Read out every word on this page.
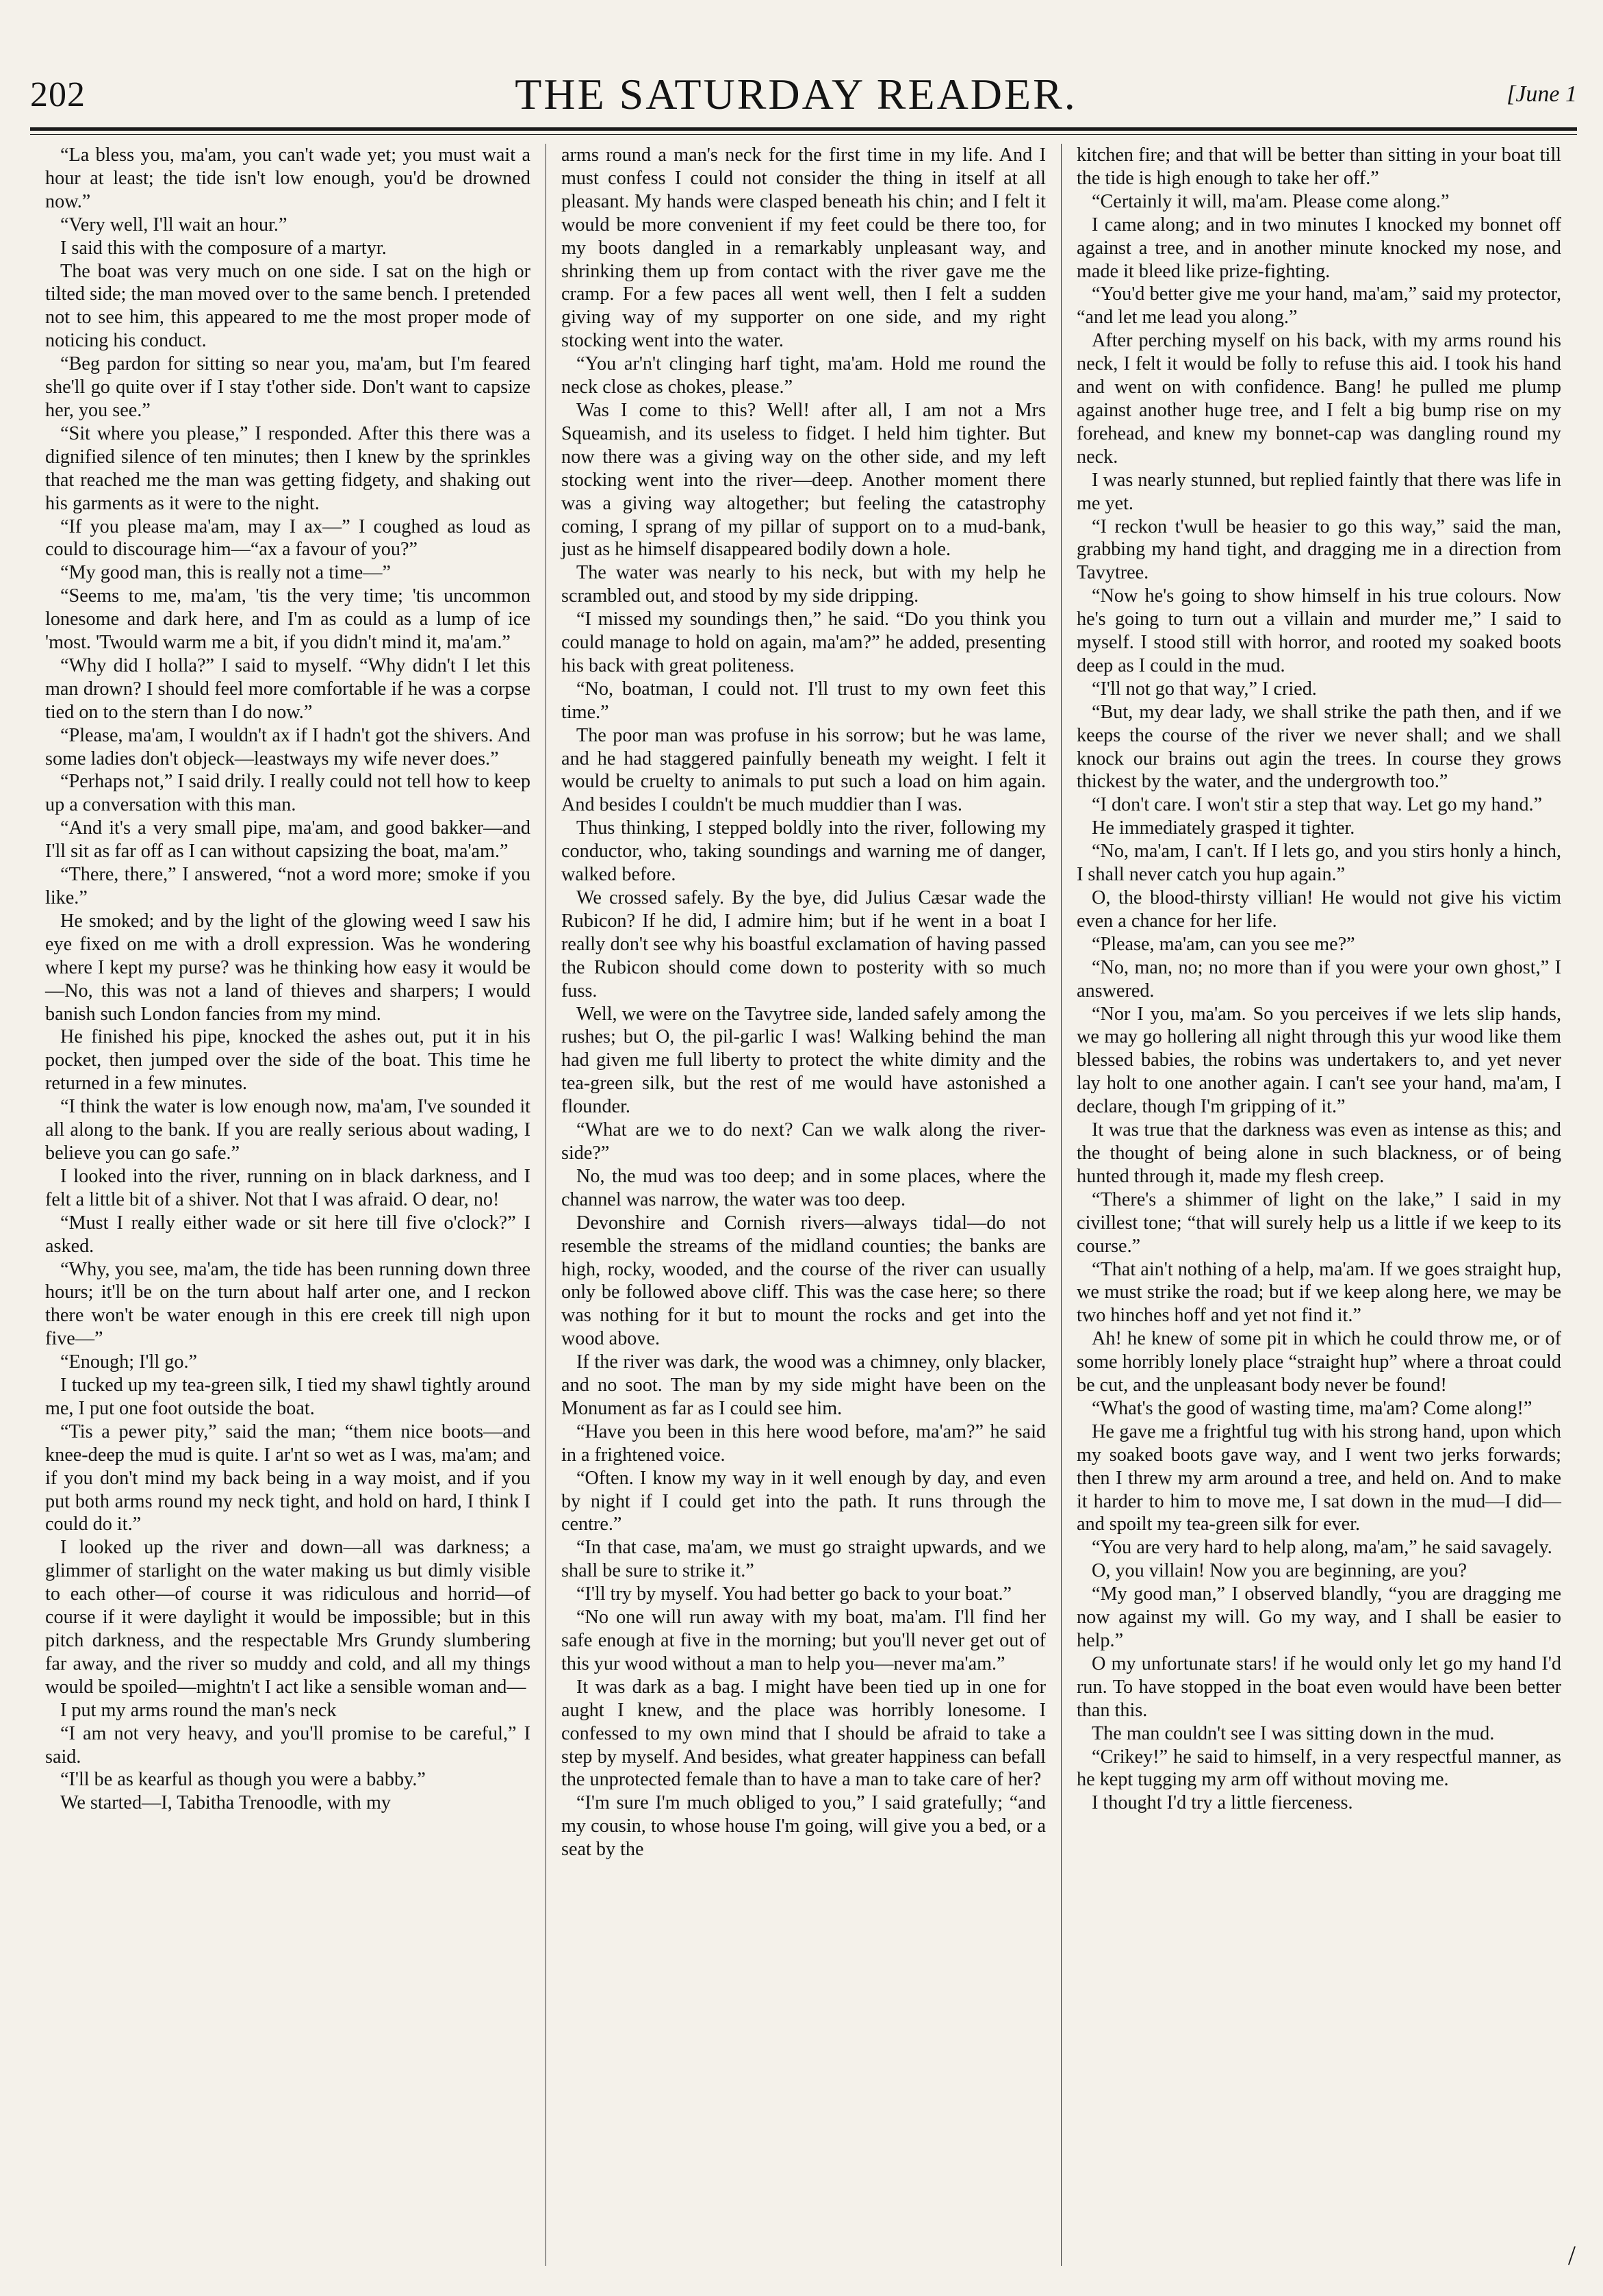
202	THE SATURDAY READER.	[June 1

“La bless you, ma'am, you can't wade yet; you must wait a hour at least; the tide isn't low enough, you'd be drowned now.”

“Very well, I'll wait an hour.”

I said this with the composure of a martyr.

The boat was very much on one side. I sat on the high or tilted side; the man moved over to the same bench. I pretended not to see him, this appeared to me the most proper mode of noticing his conduct.

“Beg pardon for sitting so near you, ma'am, but I'm feared she'll go quite over if I stay t'other side. Don't want to capsize her, you see.”

“Sit where you please,” I responded. After this there was a dignified silence of ten minutes; then I knew by the sprinkles that reached me the man was getting fidgety, and shaking out his garments as it were to the night.

“If you please ma'am, may I ax—” I coughed as loud as could to discourage him—“ax a favour of you?”

“My good man, this is really not a time—”

“Seems to me, ma'am, 'tis the very time; 'tis uncommon lonesome and dark here, and I'm as could as a lump of ice 'most. 'Twould warm me a bit, if you didn't mind it, ma'am.”

“Why did I holla?” I said to myself. “Why didn't I let this man drown? I should feel more comfortable if he was a corpse tied on to the stern than I do now.”

“Please, ma'am, I wouldn't ax if I hadn't got the shivers. And some ladies don't objeck—leastways my wife never does.”

“Perhaps not,” I said drily. I really could not tell how to keep up a conversation with this man.

“And it's a very small pipe, ma'am, and good bakker—and I'll sit as far off as I can without capsizing the boat, ma'am.”

“There, there,” I answered, “not a word more; smoke if you like.”

He smoked; and by the light of the glowing weed I saw his eye fixed on me with a droll expression. Was he wondering where I kept my purse? was he thinking how easy it would be—No, this was not a land of thieves and sharpers; I would banish such London fancies from my mind.

He finished his pipe, knocked the ashes out, put it in his pocket, then jumped over the side of the boat. This time he returned in a few minutes.

“I think the water is low enough now, ma'am, I've sounded it all along to the bank. If you are really serious about wading, I believe you can go safe.”

I looked into the river, running on in black darkness, and I felt a little bit of a shiver. Not that I was afraid. O dear, no!

“Must I really either wade or sit here till five o'clock?” I asked.

“Why, you see, ma'am, the tide has been running down three hours; it'll be on the turn about half arter one, and I reckon there won't be water enough in this ere creek till nigh upon five—”

“Enough; I'll go.”

I tucked up my tea-green silk, I tied my shawl tightly around me, I put one foot outside the boat.

“Tis a pewer pity,” said the man; “them nice boots—and knee-deep the mud is quite. I ar'nt so wet as I was, ma'am; and if you don't mind my back being in a way moist, and if you put both arms round my neck tight, and hold on hard, I think I could do it.”

I looked up the river and down—all was darkness; a glimmer of starlight on the water making us but dimly visible to each other—of course it was ridiculous and horrid—of course if it were daylight it would be impossible; but in this pitch darkness, and the respectable Mrs Grundy slumbering far away, and the river so muddy and cold, and all my things would be spoiled—mightn't I act like a sensible woman and—

I put my arms round the man's neck

“I am not very heavy, and you'll promise to be careful,” I said.

“I'll be as kearful as though you were a babby.”

We started—I, Tabitha Trenoodle, with my

arms round a man's neck for the first time in my life. And I must confess I could not consider the thing in itself at all pleasant. My hands were clasped beneath his chin; and I felt it would be more convenient if my feet could be there too, for my boots dangled in a remarkably unpleasant way, and shrinking them up from contact with the river gave me the cramp. For a few paces all went well, then I felt a sudden giving way of my supporter on one side, and my right stocking went into the water.

“You ar'n't clinging harf tight, ma'am. Hold me round the neck close as chokes, please.”

Was I come to this? Well! after all, I am not a Mrs Squeamish, and its useless to fidget. I held him tighter. But now there was a giving way on the other side, and my left stocking went into the river—deep. Another moment there was a giving way altogether; but feeling the catastrophy coming, I sprang of my pillar of support on to a mud-bank, just as he himself disappeared bodily down a hole.

The water was nearly to his neck, but with my help he scrambled out, and stood by my side dripping.

“I missed my soundings then,” he said. “Do you think you could manage to hold on again, ma'am?” he added, presenting his back with great politeness.

“No, boatman, I could not. I'll trust to my own feet this time.”

The poor man was profuse in his sorrow; but he was lame, and he had staggered painfully beneath my weight. I felt it would be cruelty to animals to put such a load on him again. And besides I couldn't be much muddier than I was.

Thus thinking, I stepped boldly into the river, following my conductor, who, taking soundings and warning me of danger, walked before.

We crossed safely. By the bye, did Julius Cæsar wade the Rubicon? If he did, I admire him; but if he went in a boat I really don't see why his boastful exclamation of having passed the Rubicon should come down to posterity with so much fuss.

Well, we were on the Tavytree side, landed safely among the rushes; but O, the pil-garlic I was! Walking behind the man had given me full liberty to protect the white dimity and the tea-green silk, but the rest of me would have astonished a flounder.

“What are we to do next? Can we walk along the river-side?”

No, the mud was too deep; and in some places, where the channel was narrow, the water was too deep.

Devonshire and Cornish rivers—always tidal—do not resemble the streams of the midland counties; the banks are high, rocky, wooded, and the course of the river can usually only be followed above cliff. This was the case here; so there was nothing for it but to mount the rocks and get into the wood above.

If the river was dark, the wood was a chimney, only blacker, and no soot. The man by my side might have been on the Monument as far as I could see him.

“Have you been in this here wood before, ma'am?” he said in a frightened voice.

“Often. I know my way in it well enough by day, and even by night if I could get into the path. It runs through the centre.”

“In that case, ma'am, we must go straight upwards, and we shall be sure to strike it.”

“I'll try by myself. You had better go back to your boat.”

“No one will run away with my boat, ma'am. I'll find her safe enough at five in the morning; but you'll never get out of this yur wood without a man to help you—never ma'am.”

It was dark as a bag. I might have been tied up in one for aught I knew, and the place was horribly lonesome. I confessed to my own mind that I should be afraid to take a step by myself. And besides, what greater happiness can befall the unprotected female than to have a man to take care of her?

“I'm sure I'm much obliged to you,” I said gratefully; “and my cousin, to whose house I'm going, will give you a bed, or a seat by the

kitchen fire; and that will be better than sitting in your boat till the tide is high enough to take her off.”

“Certainly it will, ma'am. Please come along.”

I came along; and in two minutes I knocked my bonnet off against a tree, and in another minute knocked my nose, and made it bleed like prize-fighting.

“You'd better give me your hand, ma'am,” said my protector, “and let me lead you along.”

After perching myself on his back, with my arms round his neck, I felt it would be folly to refuse this aid. I took his hand and went on with confidence. Bang! he pulled me plump against another huge tree, and I felt a big bump rise on my forehead, and knew my bonnet-cap was dangling round my neck.

I was nearly stunned, but replied faintly that there was life in me yet.

“I reckon t'wull be heasier to go this way,” said the man, grabbing my hand tight, and dragging me in a direction from Tavytree.

“Now he's going to show himself in his true colours. Now he's going to turn out a villain and murder me,” I said to myself. I stood still with horror, and rooted my soaked boots deep as I could in the mud.

“I'll not go that way,” I cried.

“But, my dear lady, we shall strike the path then, and if we keeps the course of the river we never shall; and we shall knock our brains out agin the trees. In course they grows thickest by the water, and the undergrowth too.”

“I don't care. I won't stir a step that way. Let go my hand.”

He immediately grasped it tighter.

“No, ma'am, I can't. If I lets go, and you stirs honly a hinch, I shall never catch you hup again.”

O, the blood-thirsty villian! He would not give his victim even a chance for her life.

“Please, ma'am, can you see me?”

“No, man, no; no more than if you were your own ghost,” I answered.

“Nor I you, ma'am. So you perceives if we lets slip hands, we may go hollering all night through this yur wood like them blessed babies, the robins was undertakers to, and yet never lay holt to one another again. I can't see your hand, ma'am, I declare, though I'm gripping of it.”

It was true that the darkness was even as intense as this; and the thought of being alone in such blackness, or of being hunted through it, made my flesh creep.

“There's a shimmer of light on the lake,” I said in my civillest tone; “that will surely help us a little if we keep to its course.”

“That ain't nothing of a help, ma'am. If we goes straight hup, we must strike the road; but if we keep along here, we may be two hinches hoff and yet not find it.”

Ah! he knew of some pit in which he could throw me, or of some horribly lonely place “straight hup” where a throat could be cut, and the unpleasant body never be found!

“What's the good of wasting time, ma'am? Come along!”

He gave me a frightful tug with his strong hand, upon which my soaked boots gave way, and I went two jerks forwards; then I threw my arm around a tree, and held on. And to make it harder to him to move me, I sat down in the mud—I did—and spoilt my tea-green silk for ever.

“You are very hard to help along, ma'am,” he said savagely.

O, you villain! Now you are beginning, are you?

“My good man,” I observed blandly, “you are dragging me now against my will. Go my way, and I shall be easier to help.”

O my unfortunate stars! if he would only let go my hand I'd run. To have stopped in the boat even would have been better than this.

The man couldn't see I was sitting down in the mud.

“Crikey!” he said to himself, in a very respectful manner, as he kept tugging my arm off without moving me.

I thought I'd try a little fierceness.

/
